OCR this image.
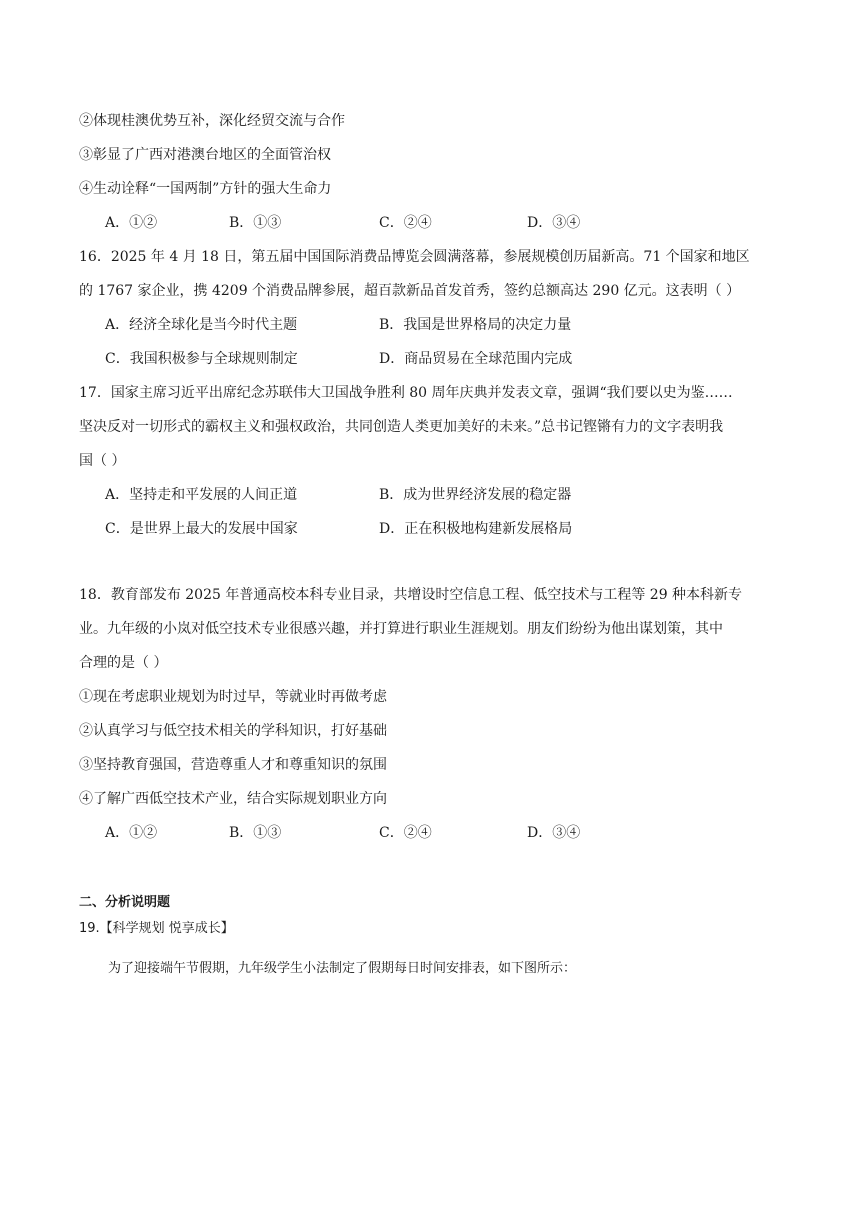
②体现桂澳优势互补，深化经贸交流与合作
③彰显了广西对港澳台地区的全面管治权
④生动诠释“一国两制”方针的强大生命力
A．①②	B．①③	C．②④	D．③④
16．2025 年 4 月 18 日，第五届中国国际消费品博览会圆满落幕，参展规模创历届新高。71 个国家和地区
的 1767 家企业，携 4209 个消费品牌参展，超百款新品首发首秀，签约总额高达 290 亿元。这表明（ ）
A．经济全球化是当今时代主题	B．我国是世界格局的决定力量
C．我国积极参与全球规则制定	D．商品贸易在全球范围内完成
17．国家主席习近平出席纪念苏联伟大卫国战争胜利 80 周年庆典并发表文章，强调“我们要以史为鉴……
坚决反对一切形式的霸权主义和强权政治，共同创造人类更加美好的未来。”总书记铿锵有力的文字表明我
国（ ）
A．坚持走和平发展的人间正道	B．成为世界经济发展的稳定器
C．是世界上最大的发展中国家	D．正在积极地构建新发展格局
18．教育部发布 2025 年普通高校本科专业目录，共增设时空信息工程、低空技术与工程等 29 种本科新专
业。九年级的小岚对低空技术专业很感兴趣，并打算进行职业生涯规划。朋友们纷纷为他出谋划策，其中
合理的是（ ）
①现在考虑职业规划为时过早，等就业时再做考虑
②认真学习与低空技术相关的学科知识，打好基础
③坚持教育强国，营造尊重人才和尊重知识的氛围
④了解广西低空技术产业，结合实际规划职业方向
A．①②	B．①③	C．②④	D．③④
二、分析说明题
19.【科学规划 悦享成长】
为了迎接端午节假期，九年级学生小法制定了假期每日时间安排表，如下图所示：
